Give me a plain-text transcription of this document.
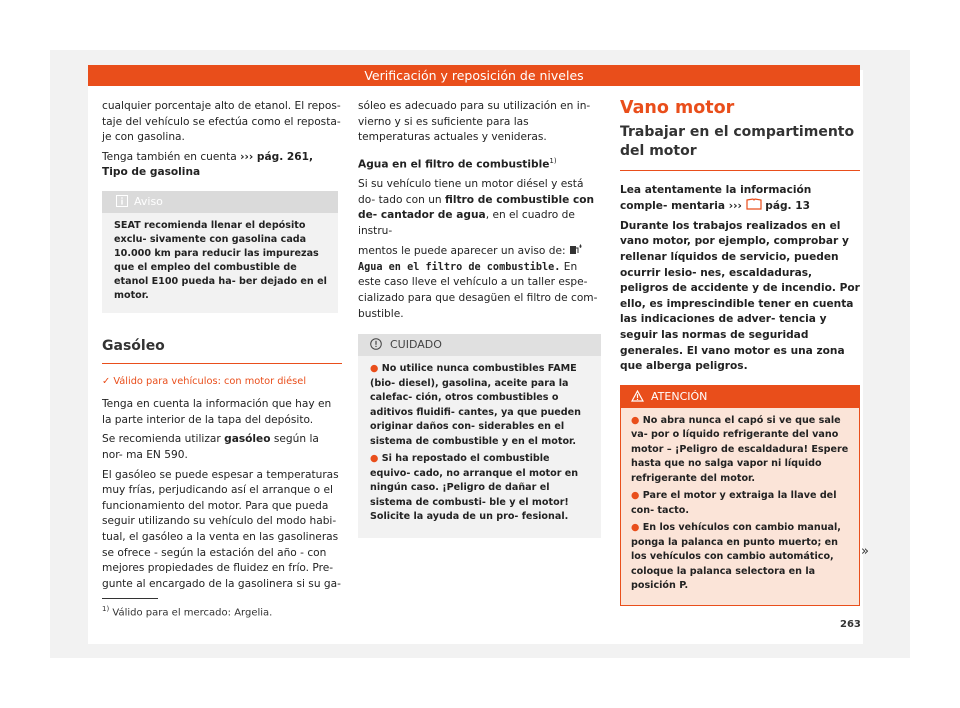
Verificación y reposición de niveles

cualquier porcentaje alto de etanol. El repos- taje del vehículo se efectúa como el reposta- je con gasolina.

Tenga también en cuenta ››› pág. 261, Tipo de gasolina

Aviso
SEAT recomienda llenar el depósito exclu- sivamente con gasolina cada 10.000 km para reducir las impurezas que el empleo del combustible de etanol E100 pueda ha- ber dejado en el motor.
Gasóleo
✓ Válido para vehículos: con motor diésel

Tenga en cuenta la información que hay en la parte interior de la tapa del depósito.

Se recomienda utilizar gasóleo según la nor- ma EN 590.

El gasóleo se puede espesar a temperaturas muy frías, perjudicando así el arranque o el funcionamiento del motor. Para que pueda seguir utilizando su vehículo del modo habi- tual, el gasóleo a la venta en las gasolineras se ofrece - según la estación del año - con mejores propiedades de fluidez en frío. Pre- gunte al encargado de la gasolinera si su ga-

sóleo es adecuado para su utilización en in- vierno y si es suficiente para las temperaturas actuales y venideras.

Agua en el filtro de combustible$^{1)}$

Si su vehículo tiene un motor diésel y está do- tado con un filtro de combustible con de- cantador de agua, en el cuadro de instru-

mentos le puede aparecer un aviso de:  Agua en el filtro de combustible. En este caso lleve el vehículo a un taller espe- cializado para que desagüen el filtro de com- bustible.

CUIDADO

● No utilice nunca combustibles FAME (bio- diesel), gasolina, aceite para la calefac- ción, otros combustibles o aditivos fluidifi- cantes, ya que pueden originar daños con- siderables en el sistema de combustible y en el motor.

● Si ha repostado el combustible equivo- cado, no arranque el motor en ningún caso. ¡Peligro de dañar el sistema de combusti- ble y el motor! Solicite la ayuda de un pro- fesional.

Vano motor
Trabajar en el compartimento del motor

Lea atentamente la información comple- mentaria ›››  pág. 13

Durante los trabajos realizados en el vano motor, por ejemplo, comprobar y rellenar líquidos de servicio, pueden ocurrir lesio- nes, escaldaduras, peligros de accidente y de incendio. Por ello, es imprescindible tener en cuenta las indicaciones de adver- tencia y seguir las normas de seguridad generales. El vano motor es una zona que alberga peligros.

ATENCIÓN

● No abra nunca el capó si ve que sale va- por o líquido refrigerante del vano motor – ¡Peligro de escaldadura! Espere hasta que no salga vapor ni líquido refrigerante del motor.

● Pare el motor y extraiga la llave del con- tacto.

● En los vehículos con cambio manual, ponga la palanca en punto muerto; en los vehículos con cambio automático, coloque la palanca selectora en la posición P.

»
$^{1)}$ Válido para el mercado: Argelia.
263
